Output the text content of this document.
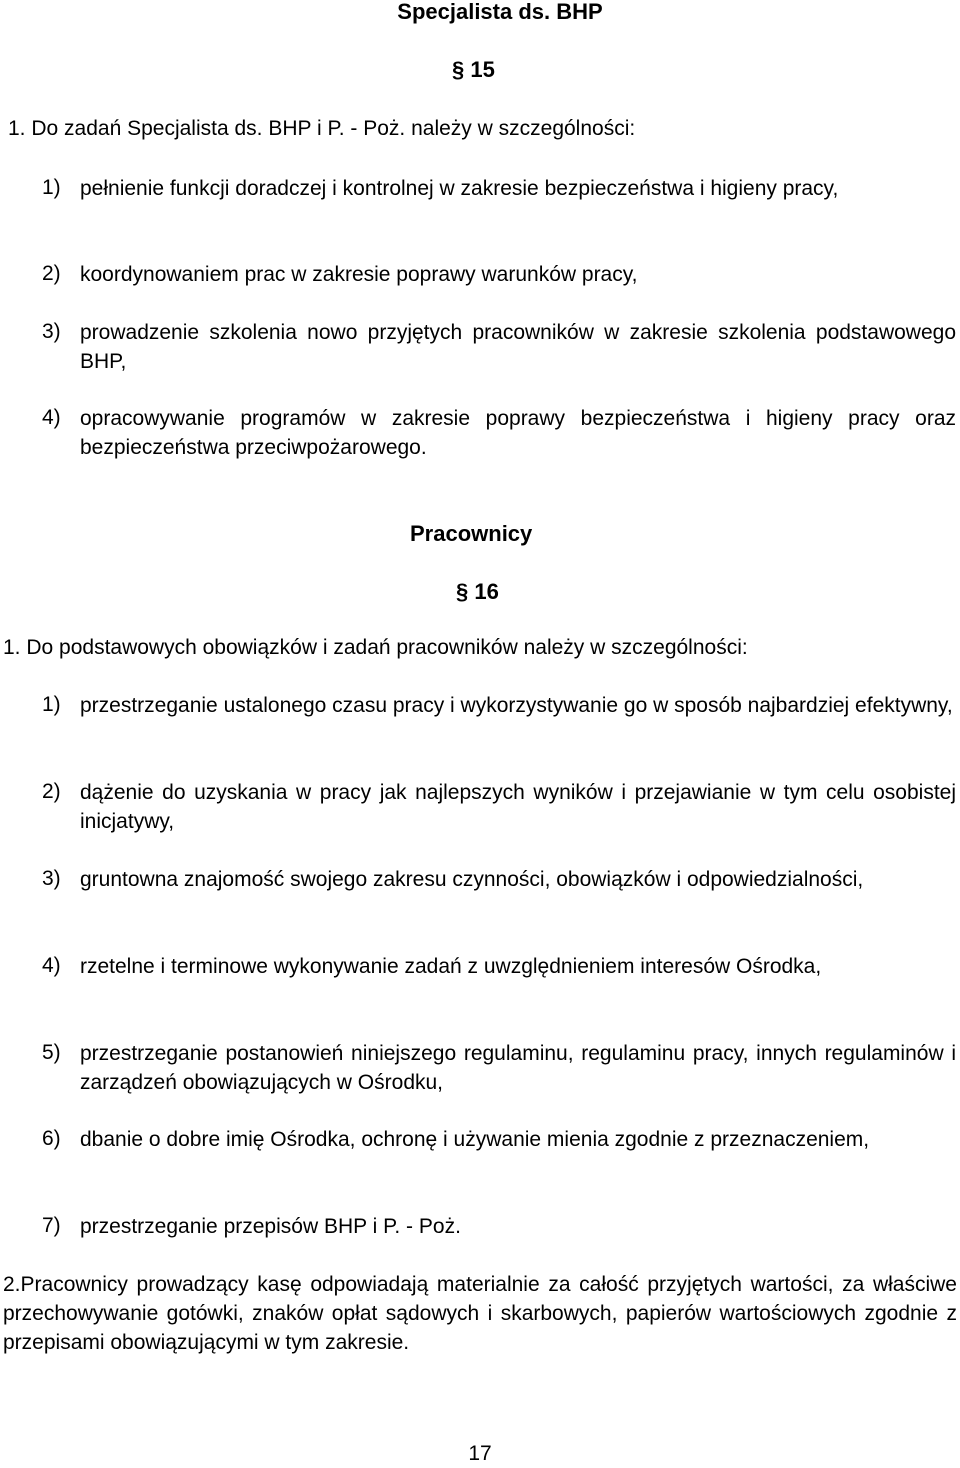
Specjalista ds. BHP
§ 15
1. Do zadań Specjalista ds. BHP i P. - Poż. należy w szczególności:
1) pełnienie funkcji doradczej i kontrolnej w zakresie bezpieczeństwa i higieny pracy,
2) koordynowaniem prac w zakresie poprawy warunków pracy,
3) prowadzenie szkolenia nowo przyjętych pracowników w zakresie szkolenia podstawowego BHP,
4) opracowywanie programów w zakresie poprawy bezpieczeństwa i higieny pracy oraz bezpieczeństwa przeciwpożarowego.
Pracownicy
§ 16
1. Do podstawowych obowiązków i zadań pracowników należy w szczególności:
1) przestrzeganie ustalonego czasu pracy i wykorzystywanie go w sposób najbardziej efektywny,
2) dążenie do uzyskania w pracy jak najlepszych wyników i przejawianie w tym celu osobistej inicjatywy,
3) gruntowna znajomość swojego zakresu czynności, obowiązków i odpowiedzialności,
4) rzetelne i terminowe wykonywanie zadań z uwzględnieniem interesów Ośrodka,
5) przestrzeganie postanowień niniejszego regulaminu, regulaminu pracy, innych regulaminów i zarządzeń obowiązujących w Ośrodku,
6) dbanie o dobre imię Ośrodka, ochronę i używanie mienia zgodnie z przeznaczeniem,
7) przestrzeganie przepisów BHP i P. - Poż.
2.Pracownicy prowadzący kasę odpowiadają materialnie za całość przyjętych wartości, za właściwe przechowywanie gotówki, znaków opłat sądowych i skarbowych, papierów wartościowych zgodnie z przepisami obowiązującymi w tym zakresie.
17
